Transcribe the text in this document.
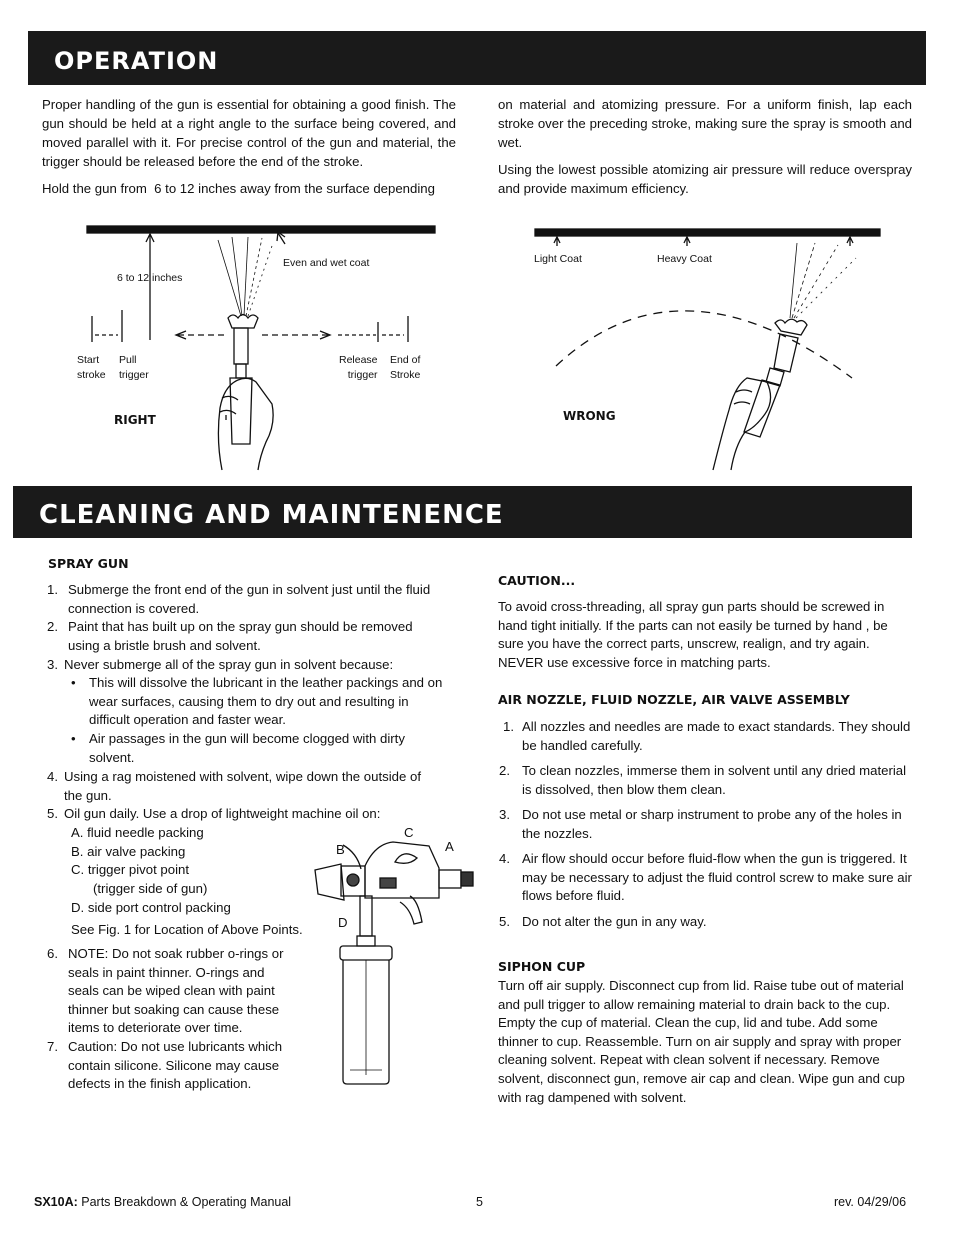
OPERATION

Proper handling of the gun is essential for obtaining a good finish. The gun should be held at a right angle to the surface being covered, and moved parallel with it. For precise control of the gun and material, the trigger should be released before the end of the stroke.

Hold the gun from  6 to 12 inches away from the surface depending

on material and atomizing pressure. For a uniform finish, lap each stroke over the preceding stroke, making sure the spray is smooth and wet.

Using the lowest possible atomizing air pressure will reduce overspray and provide maximum efficiency.

6 to 12 inches
Even and wet coat
Start
stroke
Pull
trigger
Release
trigger
End of
Stroke
RIGHT
Light Coat	Heavy Coat
WRONG
CLEANING AND MAINTENENCE
SPRAY GUN
1. Submerge the front end of the gun in solvent just until the fluid connection is covered.
2. Paint that has built up on the spray gun should be removed using a bristle brush and solvent.
3. Never submerge all of the spray gun in solvent because:
•	This will dissolve the lubricant in the leather packings and on wear surfaces, causing them to dry out and resulting in difficult operation and faster wear.
•	Air passages in the gun will become clogged with dirty solvent.
4. Using a rag moistened with solvent, wipe down the outside of the gun.
5. Oil gun daily. Use a drop of lightweight machine oil on:
A. fluid needle packing
B. air valve packing
C. trigger pivot point
(trigger side of gun)
D. side port control packing
See Fig. 1 for Location of Above Points.
6. NOTE: Do not soak rubber o-rings or seals in paint thinner. O-rings and seals can be wiped clean with paint thinner but soaking can cause these items to deteriorate over time.
7. Caution: Do not use lubricants which contain silicone. Silicone may cause defects in the finish application.
C
A
B
D
CAUTION...

To avoid cross-threading, all spray gun parts should be screwed in hand tight initially. If the parts can not easily be turned by hand , be sure you have the correct parts, unscrew, realign, and try again. NEVER use excessive force in matching parts.

AIR NOZZLE, FLUID NOZZLE, AIR VALVE ASSEMBLY
1. All nozzles and needles are made to exact standards. They should be handled carefully.
2. To clean nozzles, immerse them in solvent until any dried material is dissolved, then blow them clean.
3. Do not use metal or sharp instrument to probe any of the holes in the nozzles.
4. Air flow should occur before fluid-flow when the gun is triggered. It may be necessary to adjust the fluid control screw to make sure air flows before fluid.
5. Do not alter the gun in any way.
SIPHON CUP

Turn off air supply. Disconnect cup from lid. Raise tube out of material and pull trigger to allow remaining material to drain back to the cup. Empty the cup of material. Clean the cup, lid and tube. Add some thinner to cup. Reassemble. Turn on air supply and spray with proper cleaning solvent. Repeat with clean solvent if necessary. Remove solvent, disconnect gun, remove air cap and clean. Wipe gun and cup with rag dampened with solvent.

SX10A: Parts Breakdown & Operating Manual	5	rev. 04/29/06
